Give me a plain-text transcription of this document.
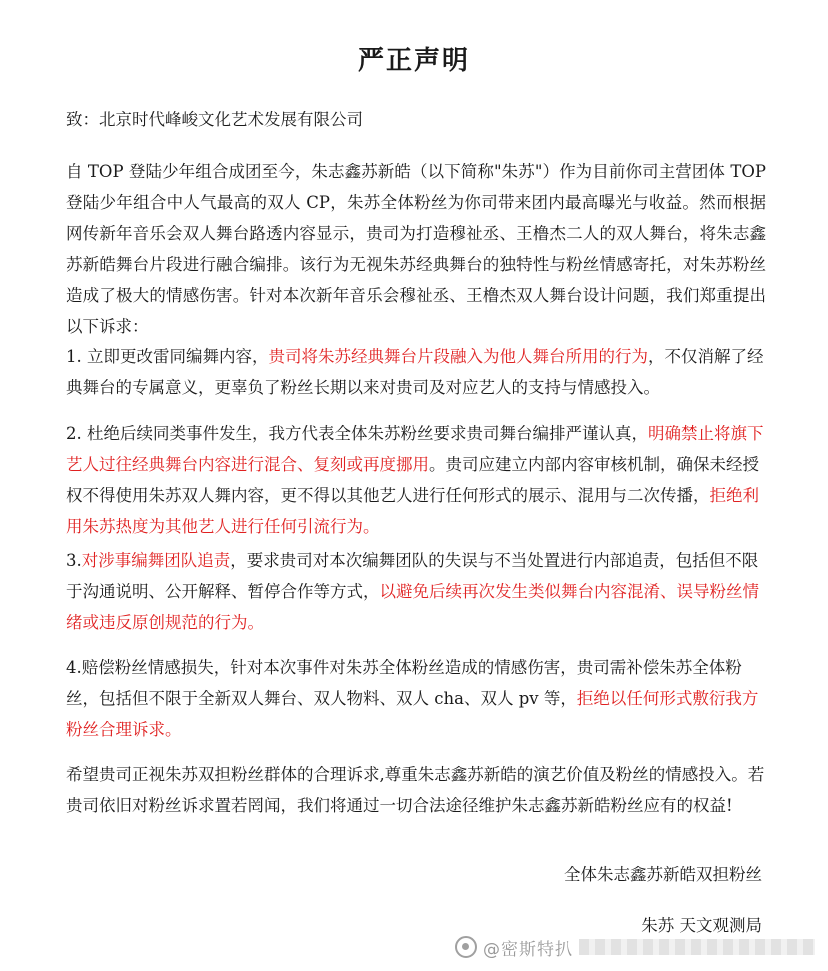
严正声明
致：北京时代峰峻文化艺术发展有限公司
自 TOP 登陆少年组合成团至今，朱志鑫苏新皓（以下简称"朱苏"）作为目前你司主营团体 TOP 登陆少年组合中人气最高的双人 CP，朱苏全体粉丝为你司带来团内最高曝光与收益。然而根据网传新年音乐会双人舞台路透内容显示，贵司为打造穆祉丞、王橹杰二人的双人舞台，将朱志鑫苏新皓舞台片段进行融合编排。该行为无视朱苏经典舞台的独特性与粉丝情感寄托，对朱苏粉丝造成了极大的情感伤害。针对本次新年音乐会穆祉丞、王橹杰双人舞台设计问题，我们郑重提出以下诉求：
1. 立即更改雷同编舞内容，贵司将朱苏经典舞台片段融入为他人舞台所用的行为，不仅消解了经典舞台的专属意义，更辜负了粉丝长期以来对贵司及对应艺人的支持与情感投入。
2. 杜绝后续同类事件发生，我方代表全体朱苏粉丝要求贵司舞台编排严谨认真，明确禁止将旗下艺人过往经典舞台内容进行混合、复刻或再度挪用。贵司应建立内部内容审核机制，确保未经授权不得使用朱苏双人舞内容，更不得以其他艺人进行任何形式的展示、混用与二次传播，拒绝利用朱苏热度为其他艺人进行任何引流行为。
3.对涉事编舞团队追责，要求贵司对本次编舞团队的失误与不当处置进行内部追责，包括但不限于沟通说明、公开解释、暂停合作等方式，以避免后续再次发生类似舞台内容混淆、误导粉丝情绪或违反原创规范的行为。
4.赔偿粉丝情感损失，针对本次事件对朱苏全体粉丝造成的情感伤害，贵司需补偿朱苏全体粉丝，包括但不限于全新双人舞台、双人物料、双人 cha、双人 pv 等，拒绝以任何形式敷衍我方粉丝合理诉求。
希望贵司正视朱苏双担粉丝群体的合理诉求,尊重朱志鑫苏新皓的演艺价值及粉丝的情感投入。若贵司依旧对粉丝诉求置若罔闻，我们将通过一切合法途径维护朱志鑫苏新皓粉丝应有的权益!
全体朱志鑫苏新皓双担粉丝
朱苏 天文观测局
@密斯特扒
